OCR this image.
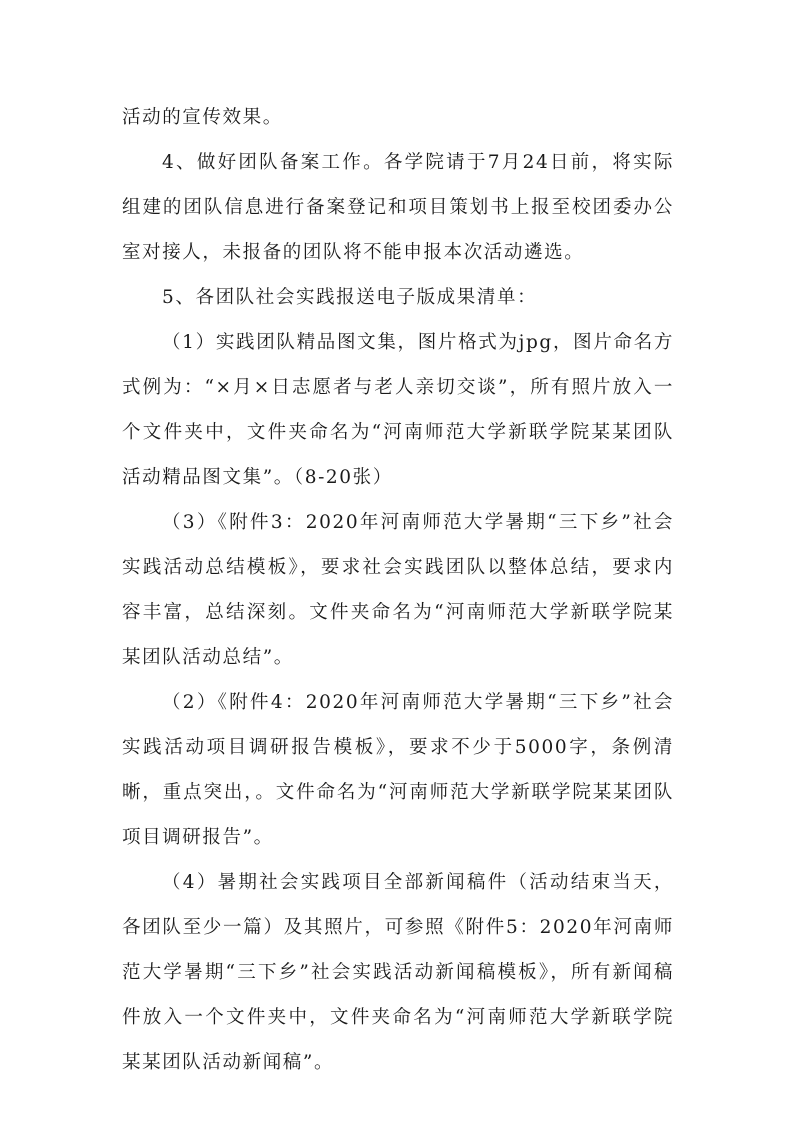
活动的宣传效果。

4、做好团队备案工作。各学院请于7月24日前，将实际组建的团队信息进行备案登记和项目策划书上报至校团委办公室对接人，未报备的团队将不能申报本次活动遴选。

5、各团队社会实践报送电子版成果清单：

（1）实践团队精品图文集，图片格式为jpg，图片命名方式例为：“×月×日志愿者与老人亲切交谈”，所有照片放入一个文件夹中，文件夹命名为“河南师范大学新联学院某某团队活动精品图文集”。（8-20张）

（3）《附件3：2020年河南师范大学暑期“三下乡”社会实践活动总结模板》，要求社会实践团队以整体总结，要求内容丰富，总结深刻。文件夹命名为“河南师范大学新联学院某某团队活动总结”。

（2）《附件4：2020年河南师范大学暑期“三下乡”社会实践活动项目调研报告模板》，要求不少于5000字，条例清晰，重点突出，。文件命名为“河南师范大学新联学院某某团队项目调研报告”。

（4）暑期社会实践项目全部新闻稿件（活动结束当天，各团队至少一篇）及其照片，可参照《附件5：2020年河南师范大学暑期“三下乡”社会实践活动新闻稿模板》，所有新闻稿件放入一个文件夹中，文件夹命名为“河南师范大学新联学院某某团队活动新闻稿”。
